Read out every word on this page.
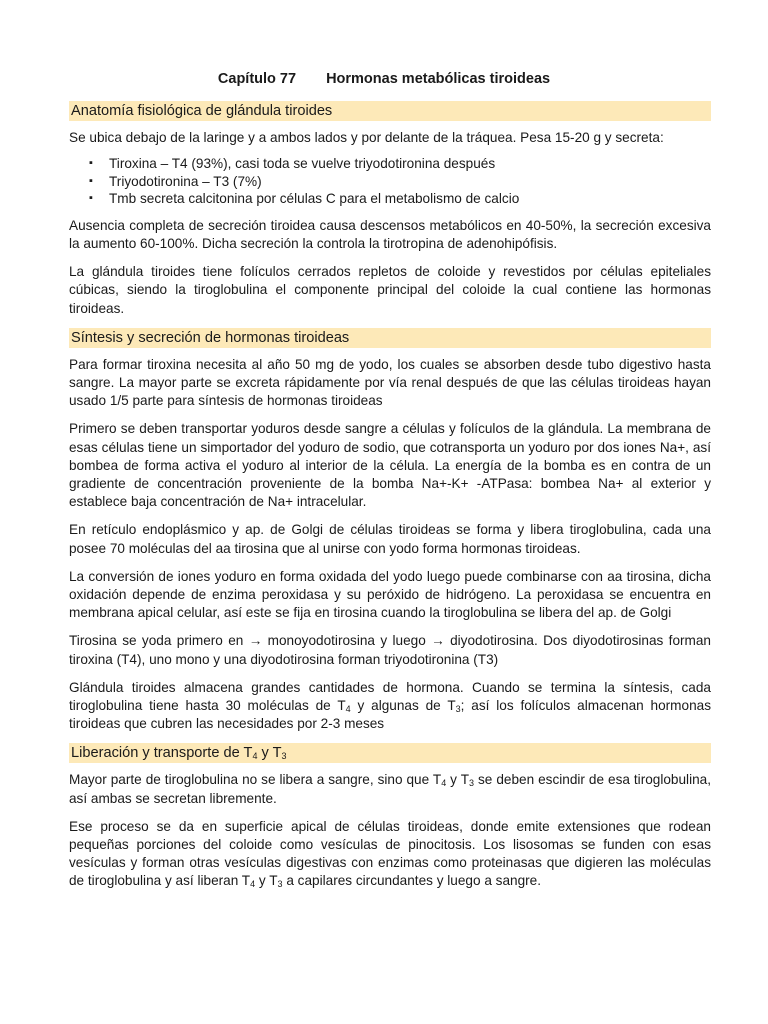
Capítulo 77 Hormonas metabólicas tiroideas
Anatomía fisiológica de glándula tiroides

Se ubica debajo de la laringe y a ambos lados y por delante de la tráquea. Pesa 15-20 g y secreta:

▪ Tiroxina – T4 (93%), casi toda se vuelve triyodotironina después
▪ Triyodotironina – T3 (7%)
▪ Tmb secreta calcitonina por células C para el metabolismo de calcio

Ausencia completa de secreción tiroidea causa descensos metabólicos en 40-50%, la secreción excesiva la aumento 60-100%. Dicha secreción la controla la tirotropina de adenohipófisis.

La glándula tiroides tiene folículos cerrados repletos de coloide y revestidos por células epiteliales cúbicas, siendo la tiroglobulina el componente principal del coloide la cual contiene las hormonas tiroideas.

Síntesis y secreción de hormonas tiroideas

Para formar tiroxina necesita al año 50 mg de yodo, los cuales se absorben desde tubo digestivo hasta sangre. La mayor parte se excreta rápidamente por vía renal después de que las células tiroideas hayan usado 1/5 parte para síntesis de hormonas tiroideas

Primero se deben transportar yoduros desde sangre a células y folículos de la glándula. La membrana de esas células tiene un simportador del yoduro de sodio, que cotransporta un yoduro por dos iones Na+, así bombea de forma activa el yoduro al interior de la célula. La energía de la bomba es en contra de un gradiente de concentración proveniente de la bomba Na+-K+ -ATPasa: bombea Na+ al exterior y establece baja concentración de Na+ intracelular.

En retículo endoplásmico y ap. de Golgi de células tiroideas se forma y libera tiroglobulina, cada una posee 70 moléculas del aa tirosina que al unirse con yodo forma hormonas tiroideas.

La conversión de iones yoduro en forma oxidada del yodo luego puede combinarse con aa tirosina, dicha oxidación depende de enzima peroxidasa y su peróxido de hidrógeno. La peroxidasa se encuentra en membrana apical celular, así este se fija en tirosina cuando la tiroglobulina se libera del ap. de Golgi

Tirosina se yoda primero en → monoyodotirosina y luego → diyodotirosina. Dos diyodotirosinas forman tiroxina (T4), uno mono y una diyodotirosina forman triyodotironina (T3)

Glándula tiroides almacena grandes cantidades de hormona. Cuando se termina la síntesis, cada tiroglobulina tiene hasta 30 moléculas de $T_4$ y algunas de $T_3$; así los folículos almacenan hormonas tiroideas que cubren las necesidades por 2-3 meses

Liberación y transporte de $T_4$ y $T_3$

Mayor parte de tiroglobulina no se libera a sangre, sino que $T_4$ y $T_3$ se deben escindir de esa tiroglobulina, así ambas se secretan libremente.

Ese proceso se da en superficie apical de células tiroideas, donde emite extensiones que rodean pequeñas porciones del coloide como vesículas de pinocitosis. Los lisosomas se funden con esas vesículas y forman otras vesículas digestivas con enzimas como proteinasas que digieren las moléculas de tiroglobulina y así liberan $T_4$ y $T_3$ a capilares circundantes y luego a sangre.
